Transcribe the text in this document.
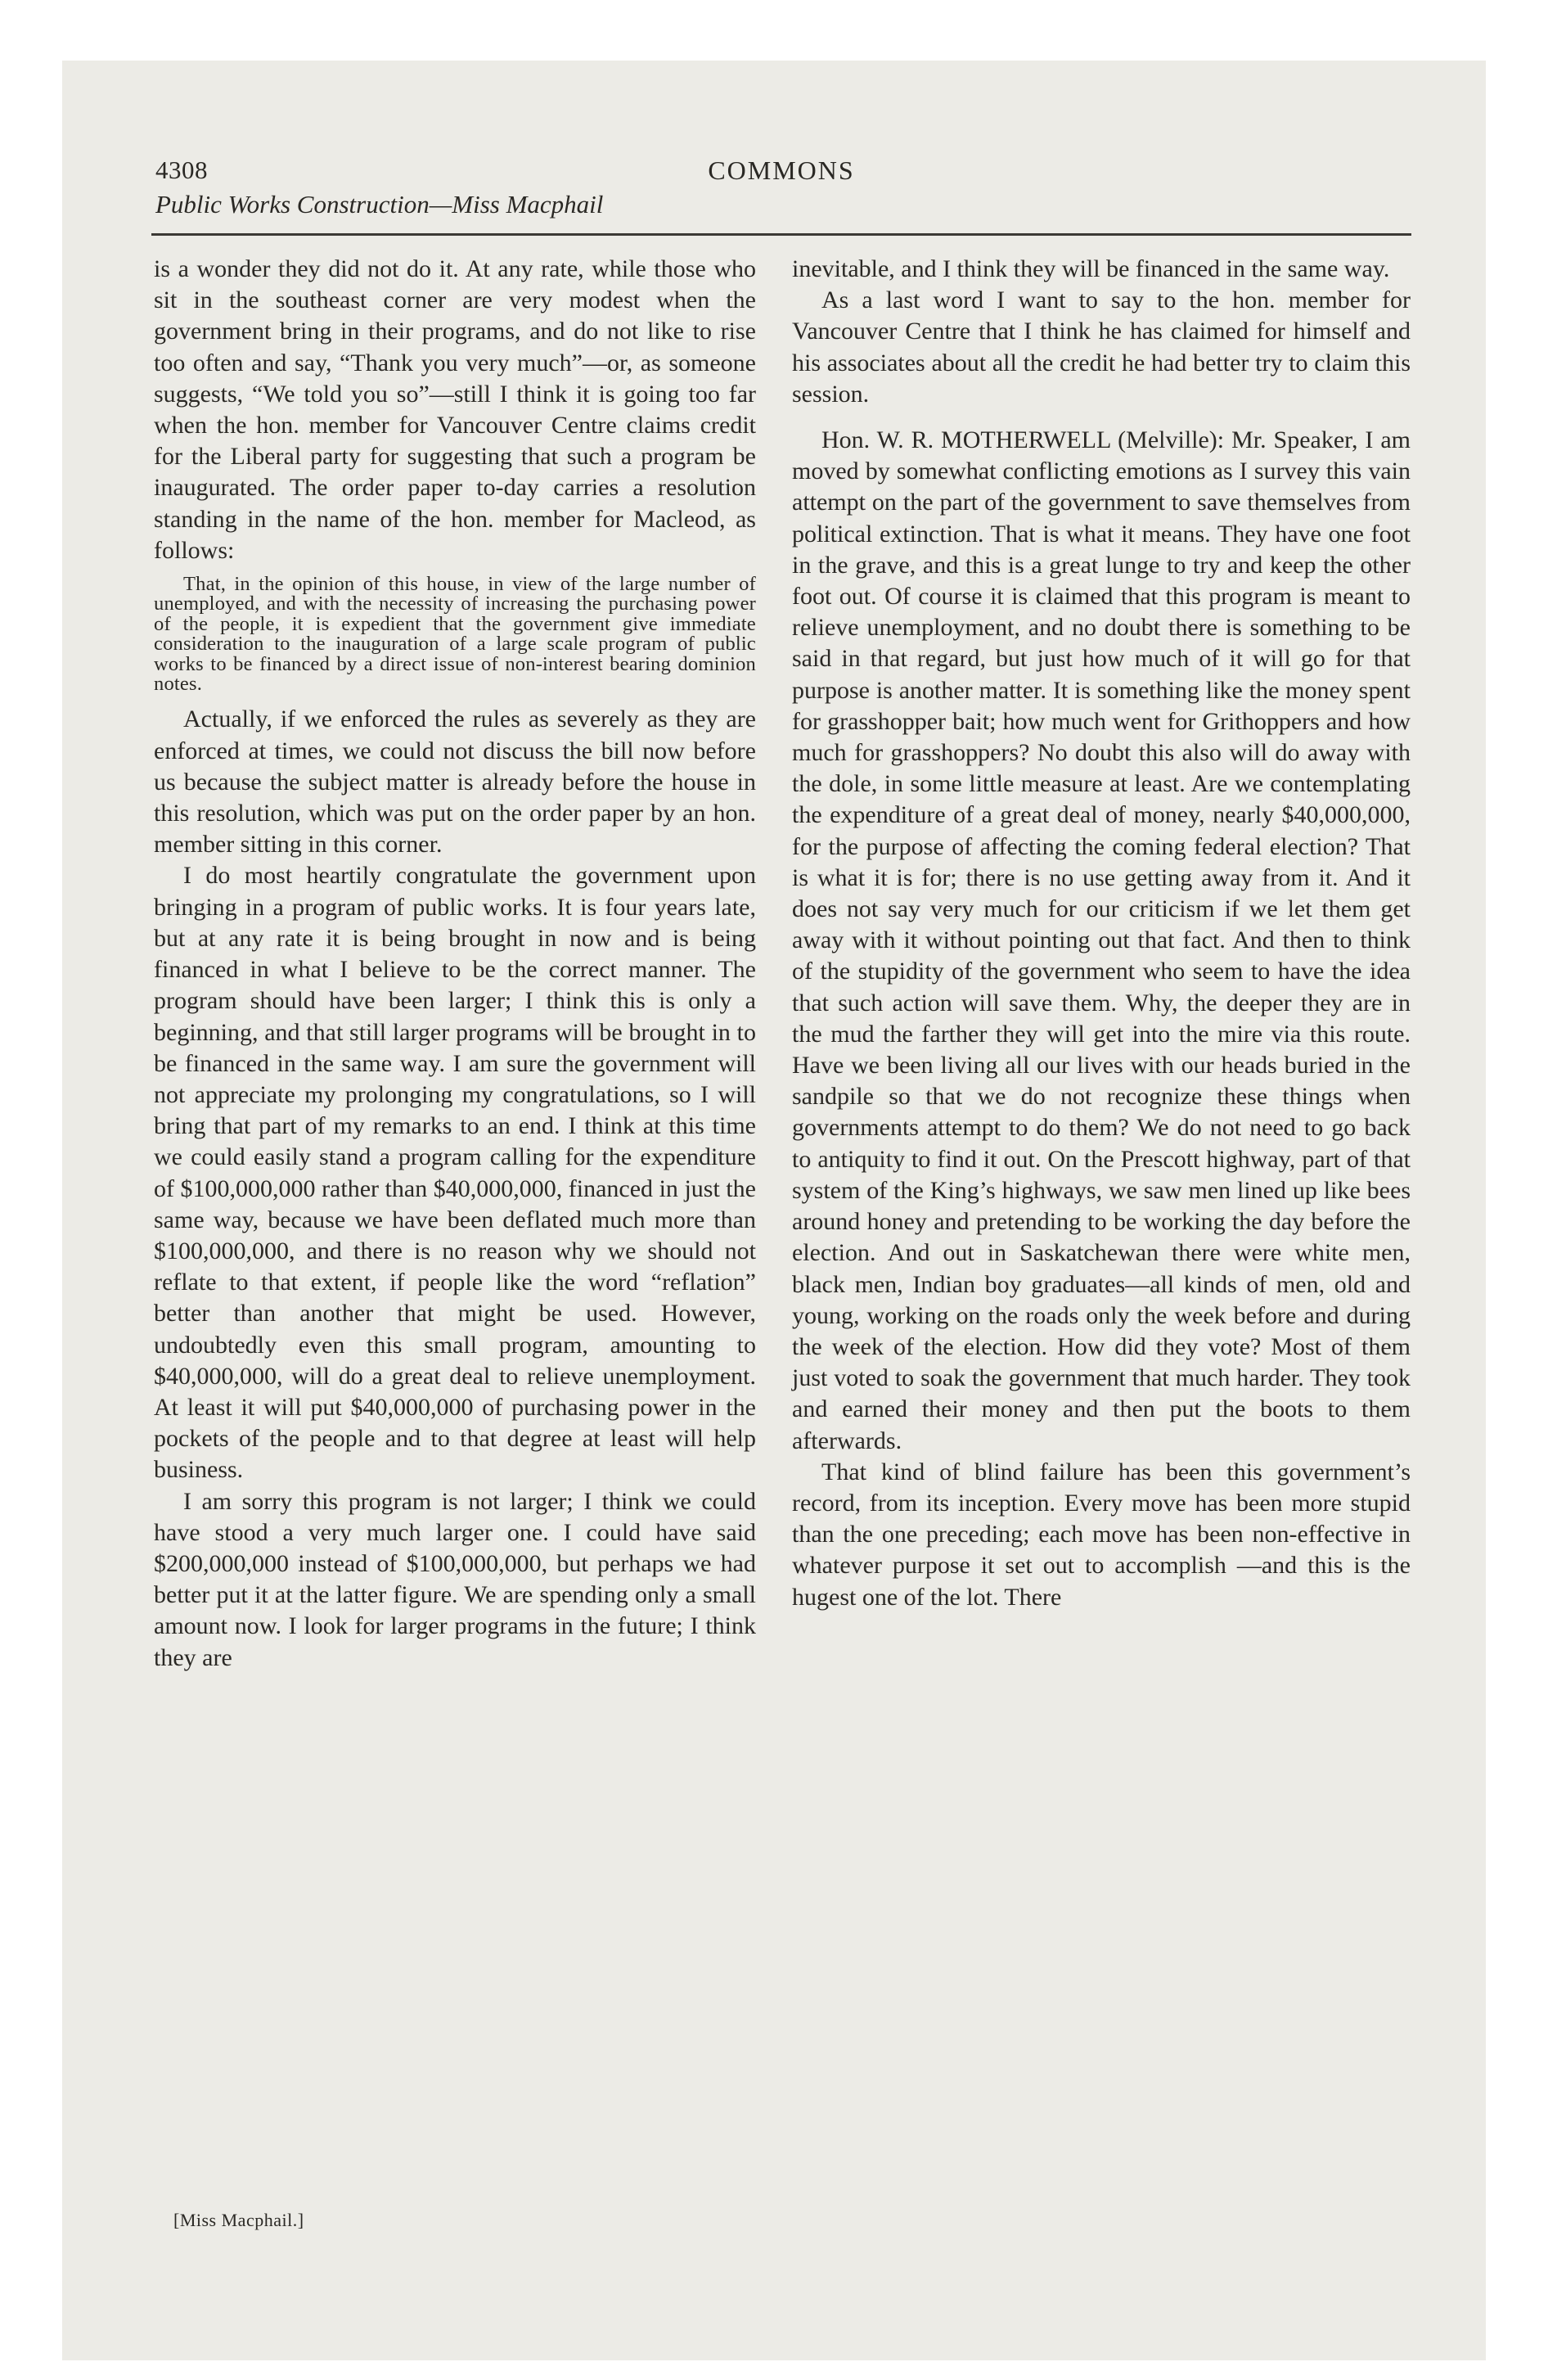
4308	COMMONS
Public Works Construction—Miss Macphail

is a wonder they did not do it. At any rate, while those who sit in the southeast corner are very modest when the government bring in their programs, and do not like to rise too often and say, “Thank you very much”—or, as someone suggests, “We told you so”—still I think it is going too far when the hon. member for Vancouver Centre claims credit for the Liberal party for suggesting that such a program be inaugurated. The order paper to-day carries a resolution standing in the name of the hon. member for Macleod, as follows:

That, in the opinion of this house, in view of the large number of unemployed, and with the necessity of increasing the purchasing power of the people, it is expedient that the government give immediate consideration to the inauguration of a large scale program of public works to be financed by a direct issue of non-interest bearing dominion notes.

Actually, if we enforced the rules as severely as they are enforced at times, we could not discuss the bill now before us because the subject matter is already before the house in this resolution, which was put on the order paper by an hon. member sitting in this corner.

I do most heartily congratulate the government upon bringing in a program of public works. It is four years late, but at any rate it is being brought in now and is being financed in what I believe to be the correct manner. The program should have been larger; I think this is only a beginning, and that still larger programs will be brought in to be financed in the same way. I am sure the government will not appreciate my prolonging my congratulations, so I will bring that part of my remarks to an end. I think at this time we could easily stand a program calling for the expenditure of $100,000,000 rather than $40,000,000, financed in just the same way, because we have been deflated much more than $100,000,000, and there is no reason why we should not reflate to that extent, if people like the word “reflation” better than another that might be used. However, undoubtedly even this small program, amounting to $40,000,000, will do a great deal to relieve unemployment. At least it will put $40,000,000 of purchasing power in the pockets of the people and to that degree at least will help business.

I am sorry this program is not larger; I think we could have stood a very much larger one. I could have said $200,000,000 instead of $100,000,000, but perhaps we had better put it at the latter figure. We are spending only a small amount now. I look for larger programs in the future; I think they are

[Miss Macphail.]

inevitable, and I think they will be financed in the same way.

As a last word I want to say to the hon. member for Vancouver Centre that I think he has claimed for himself and his associates about all the credit he had better try to claim this session.

Hon. W. R. MOTHERWELL (Melville): Mr. Speaker, I am moved by somewhat conflicting emotions as I survey this vain attempt on the part of the government to save themselves from political extinction. That is what it means. They have one foot in the grave, and this is a great lunge to try and keep the other foot out. Of course it is claimed that this program is meant to relieve unemployment, and no doubt there is something to be said in that regard, but just how much of it will go for that purpose is another matter. It is something like the money spent for grasshopper bait; how much went for Grithoppers and how much for grasshoppers? No doubt this also will do away with the dole, in some little measure at least. Are we contemplating the expenditure of a great deal of money, nearly $40,000,000, for the purpose of affecting the coming federal election? That is what it is for; there is no use getting away from it. And it does not say very much for our criticism if we let them get away with it without pointing out that fact. And then to think of the stupidity of the government who seem to have the idea that such action will save them. Why, the deeper they are in the mud the farther they will get into the mire via this route. Have we been living all our lives with our heads buried in the sandpile so that we do not recognize these things when governments attempt to do them? We do not need to go back to antiquity to find it out. On the Prescott highway, part of that system of the King’s highways, we saw men lined up like bees around honey and pretending to be working the day before the election. And out in Saskatchewan there were white men, black men, Indian boy graduates—all kinds of men, old and young, working on the roads only the week before and during the week of the election. How did they vote? Most of them just voted to soak the government that much harder. They took and earned their money and then put the boots to them afterwards.

That kind of blind failure has been this government’s record, from its inception. Every move has been more stupid than the one preceding; each move has been non-effective in whatever purpose it set out to accomplish —and this is the hugest one of the lot. There
